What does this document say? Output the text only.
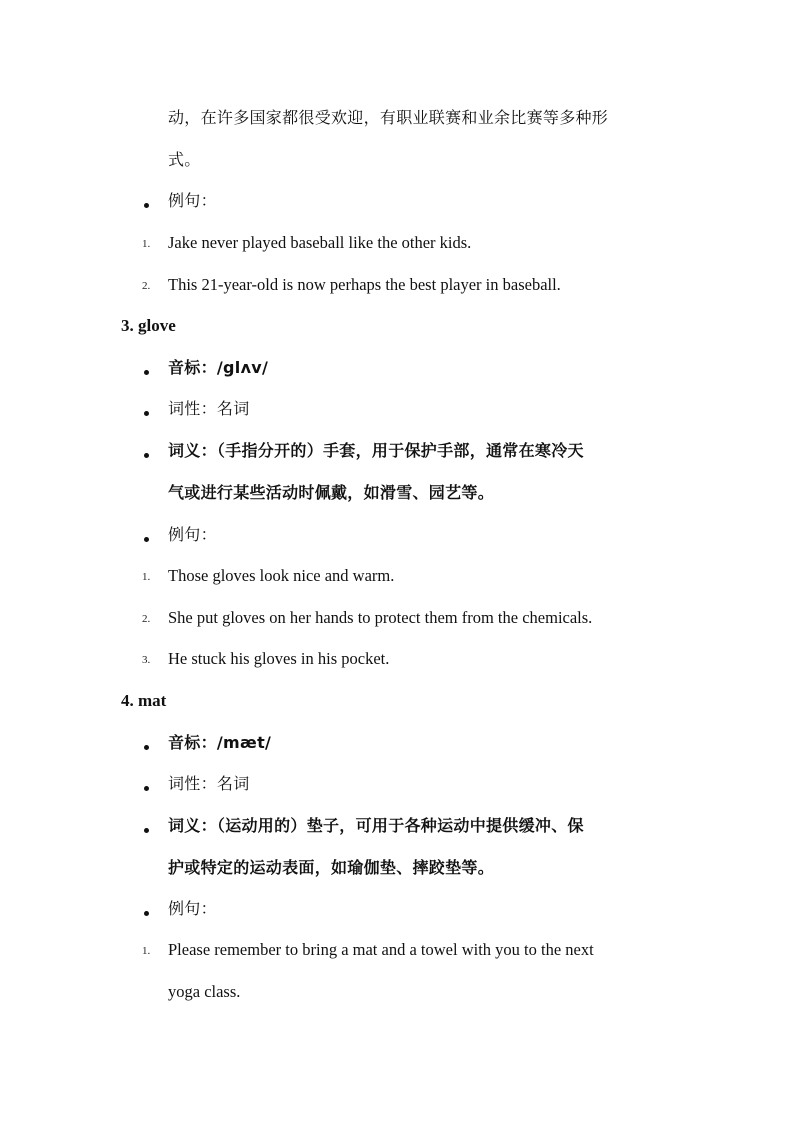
动，在许多国家都很受欢迎，有职业联赛和业余比赛等多种形
式。
例句：
1. Jake never played baseball like the other kids.
2. This 21-year-old is now perhaps the best player in baseball.
3. glove
音标：/glʌv/
词性：名词
词义：（手指分开的）手套，用于保护手部，通常在寒冷天
气或进行某些活动时佩戴，如滑雪、园艺等。
例句：
1. Those gloves look nice and warm.
2. She put gloves on her hands to protect them from the chemicals.
3. He stuck his gloves in his pocket.
4. mat
音标：/mæt/
词性：名词
词义：（运动用的）垫子，可用于各种运动中提供缓冲、保
护或特定的运动表面，如瑜伽垫、摔跤垫等。
例句：
1. Please remember to bring a mat and a towel with you to the next
yoga class.
